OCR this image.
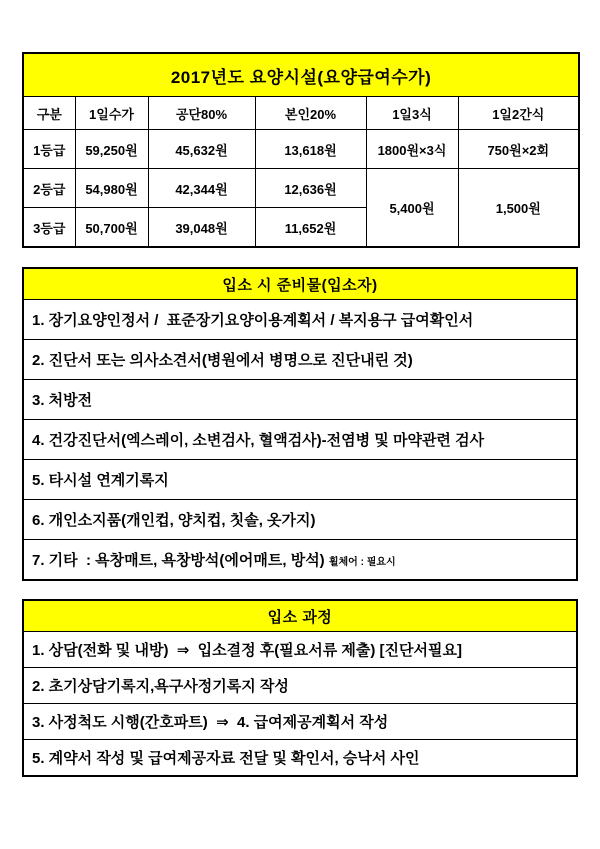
2017년도 요양시설(요양급여수가)					
구분	1일수가	공단80%	본인20%	1일3식	1일2간식
1등급	59,250원	45,632원	13,618원	1800원×3식	750원×2회
2등급	54,980원	42,344원	12,636원	5,400원	1,500원
3등급	50,700원	39,048원	11,652원		
입소 시 준비물(입소자)
1. 장기요양인정서 /  표준장기요양이용계획서 / 복지용구 급여확인서
2. 진단서 또는 의사소견서(병원에서 병명으로 진단내린 것)
3. 처방전
4. 건강진단서(엑스레이, 소변검사, 혈액검사)-전염병 및 마약관련 검사
5. 타시설 연계기록지
6. 개인소지품(개인컵, 양치컵, 칫솔, 옷가지)
7. 기타  : 욕창매트, 욕창방석(에어매트, 방석) 휠체어 : 필요시
입소 과정
1. 상담(전화 및 내방)  ⇒  입소결정 후(필요서류 제출) [진단서필요]
2. 초기상담기록지,욕구사정기록지 작성
3. 사정척도 시행(간호파트)  ⇒  4. 급여제공계획서 작성
5. 계약서 작성 및 급여제공자료 전달 및 확인서, 승낙서 사인
